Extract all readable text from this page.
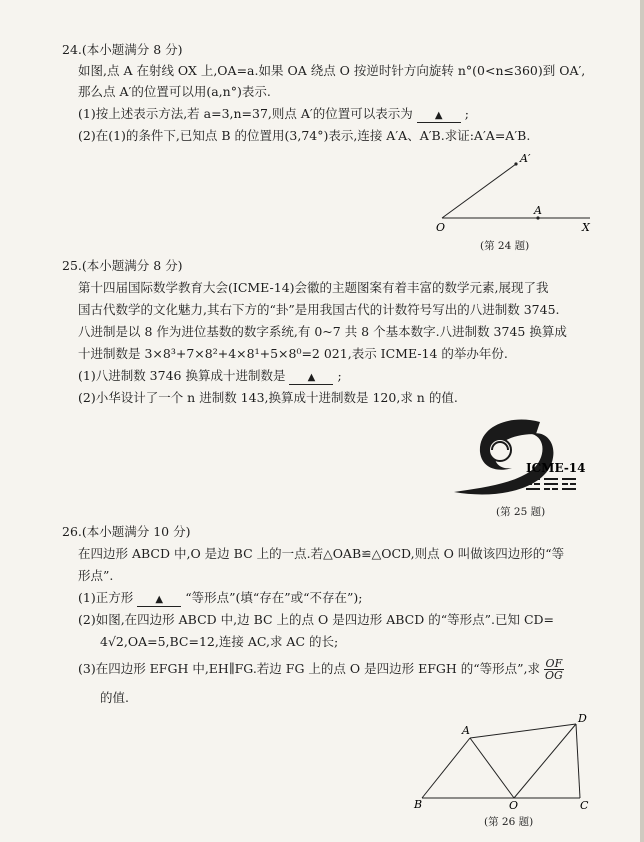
24.(本小题满分 8 分)
如图,点 A 在射线 OX 上,OA=a.如果 OA 绕点 O 按逆时针方向旋转 n°(0<n≤360)到 OA′,
那么点 A′的位置可以用(a,n°)表示.
(1)按上述表示方法,若 a=3,n=37,则点 A′的位置可以表示为 ▲ ;
(2)在(1)的条件下,已知点 B 的位置用(3,74°)表示,连接 A′A、A′B.求证:A′A=A′B.
A′
A
O	X
(第 24 题)
25.(本小题满分 8 分)
第十四届国际数学教育大会(ICME-14)会徽的主题图案有着丰富的数学元素,展现了我
国古代数学的文化魅力,其右下方的“卦”是用我国古代的计数符号写出的八进制数 3745.
八进制是以 8 作为进位基数的数字系统,有 0~7 共 8 个基本数字.八进制数 3745 换算成
十进制数是 3×8³+7×8²+4×8¹+5×8⁰=2 021,表示 ICME-14 的举办年份.
(1)八进制数 3746 换算成十进制数是 ▲ ;
(2)小华设计了一个 n 进制数 143,换算成十进制数是 120,求 n 的值.
ICME-14
(第 25 题)
26.(本小题满分 10 分)
在四边形 ABCD 中,O 是边 BC 上的一点.若△OAB≌△OCD,则点 O 叫做该四边形的“等
形点”.
(1)正方形 ▲ “等形点”(填“存在”或“不存在”);
(2)如图,在四边形 ABCD 中,边 BC 上的点 O 是四边形 ABCD 的“等形点”.已知 CD=
4√2,OA=5,BC=12,连接 AC,求 AC 的长;
(3)在四边形 EFGH 中,EH∥FG.若边 FG 上的点 O 是四边形 EFGH 的“等形点”,求 $\frac{OF}{OG}$
的值.
A
B	O	C
D
(第 26 题)
